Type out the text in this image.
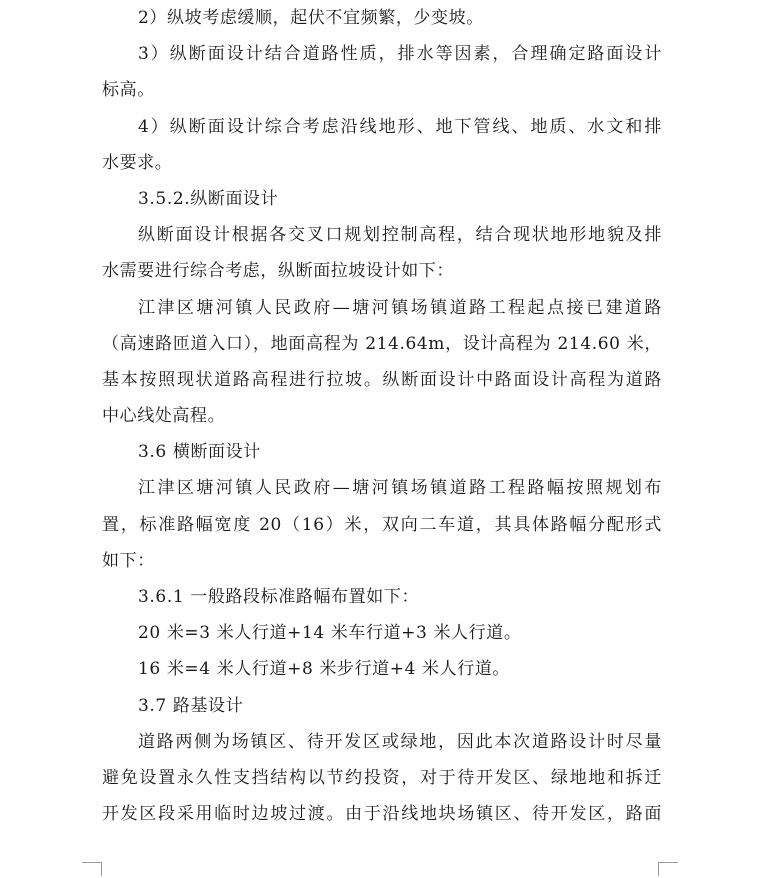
2）纵坡考虑缓顺，起伏不宜频繁，少变坡。
3）纵断面设计结合道路性质，排水等因素，合理确定路面设计
标高。
4）纵断面设计综合考虑沿线地形、地下管线、地质、水文和排
水要求。
3.5.2.纵断面设计
纵断面设计根据各交叉口规划控制高程，结合现状地形地貌及排
水需要进行综合考虑，纵断面拉坡设计如下：
江津区塘河镇人民政府—塘河镇场镇道路工程起点接已建道路
（高速路匝道入口），地面高程为 214.64m，设计高程为 214.60 米，
基本按照现状道路高程进行拉坡。纵断面设计中路面设计高程为道路
中心线处高程。
3.6 横断面设计
江津区塘河镇人民政府—塘河镇场镇道路工程路幅按照规划布
置，标准路幅宽度 20（16）米，双向二车道，其具体路幅分配形式
如下：
3.6.1 一般路段标准路幅布置如下：
20 米=3 米人行道+14 米车行道+3 米人行道。
16 米=4 米人行道+8 米步行道+4 米人行道。
3.7 路基设计
道路两侧为场镇区、待开发区或绿地，因此本次道路设计时尽量
避免设置永久性支挡结构以节约投资，对于待开发区、绿地地和拆迁
开发区段采用临时边坡过渡。由于沿线地块场镇区、待开发区，路面
